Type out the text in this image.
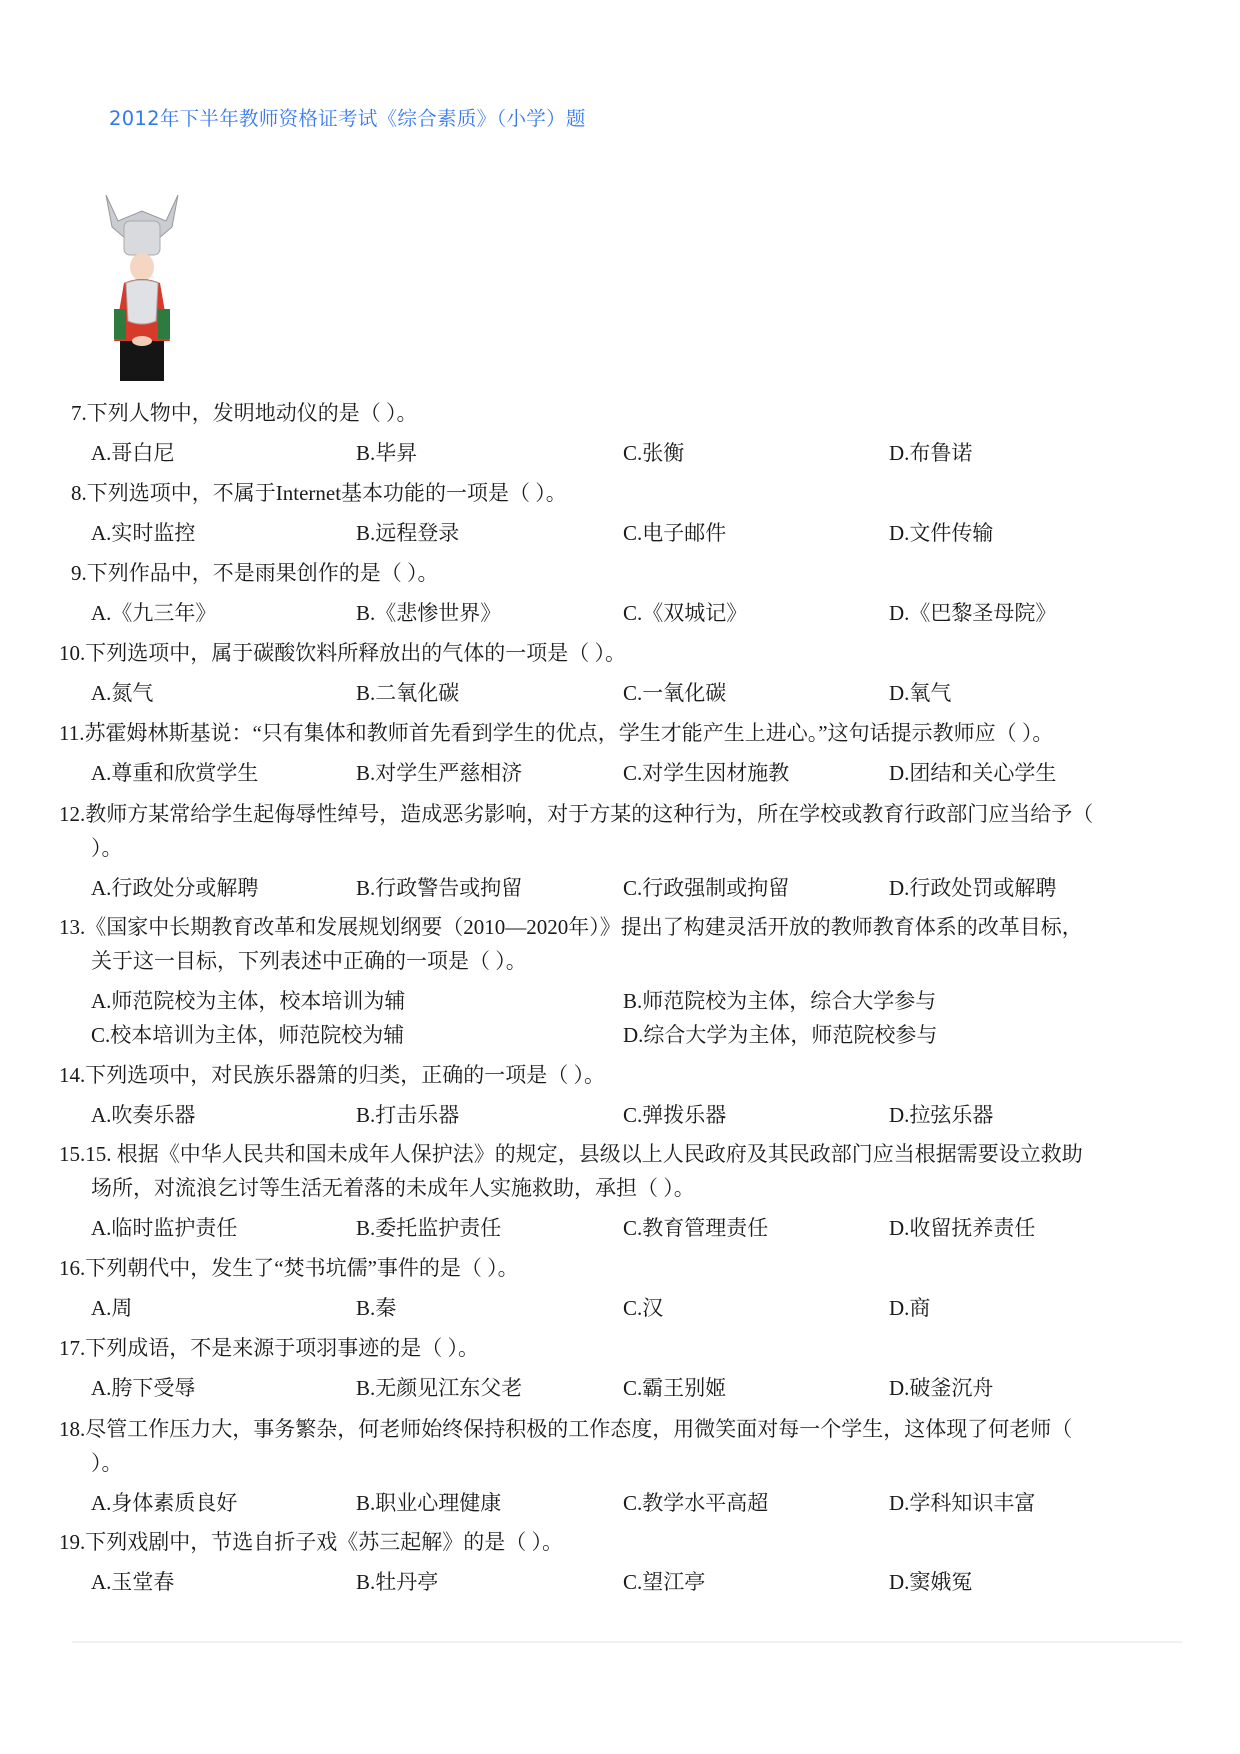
2012年下半年教师资格证考试《综合素质》（小学）题
7.下列人物中，发明地动仪的是（ ）。
A.哥白尼	B.毕昇	C.张衡	D.布鲁诺
8.下列选项中，不属于Internet基本功能的一项是（ ）。
A.实时监控	B.远程登录	C.电子邮件	D.文件传输
9.下列作品中，不是雨果创作的是（ ）。
A.《九三年》	B.《悲惨世界》	C.《双城记》	D.《巴黎圣母院》
10.下列选项中，属于碳酸饮料所释放出的气体的一项是（ ）。
A.氮气	B.二氧化碳	C.一氧化碳	D.氧气
11.苏霍姆林斯基说：“只有集体和教师首先看到学生的优点，学生才能产生上进心。”这句话提示教师应（ ）。
A.尊重和欣赏学生	B.对学生严慈相济	C.对学生因材施教	D.团结和关心学生
12.教师方某常给学生起侮辱性绰号，造成恶劣影响，对于方某的这种行为，所在学校或教育行政部门应当给予（
）。
A.行政处分或解聘	B.行政警告或拘留	C.行政强制或拘留	D.行政处罚或解聘
13.《国家中长期教育改革和发展规划纲要（2010—2020年）》提出了构建灵活开放的教师教育体系的改革目标，
关于这一目标，下列表述中正确的一项是（ ）。
A.师范院校为主体，校本培训为辅	B.师范院校为主体，综合大学参与
C.校本培训为主体，师范院校为辅	D.综合大学为主体，师范院校参与
14.下列选项中，对民族乐器箫的归类，正确的一项是（ ）。
A.吹奏乐器	B.打击乐器	C.弹拨乐器	D.拉弦乐器
15.15. 根据《中华人民共和国未成年人保护法》的规定，县级以上人民政府及其民政部门应当根据需要设立救助
场所，对流浪乞讨等生活无着落的未成年人实施救助，承担（ ）。
A.临时监护责任	B.委托监护责任	C.教育管理责任	D.收留抚养责任
16.下列朝代中，发生了“焚书坑儒”事件的是（ ）。
A.周	B.秦	C.汉	D.商
17.下列成语，不是来源于项羽事迹的是（ ）。
A.胯下受辱	B.无颜见江东父老	C.霸王别姬	D.破釜沉舟
18.尽管工作压力大，事务繁杂，何老师始终保持积极的工作态度，用微笑面对每一个学生，这体现了何老师（
）。
A.身体素质良好	B.职业心理健康	C.教学水平高超	D.学科知识丰富
19.下列戏剧中，节选自折子戏《苏三起解》的是（ ）。
A.玉堂春	B.牡丹亭	C.望江亭	D.窦娥冤
